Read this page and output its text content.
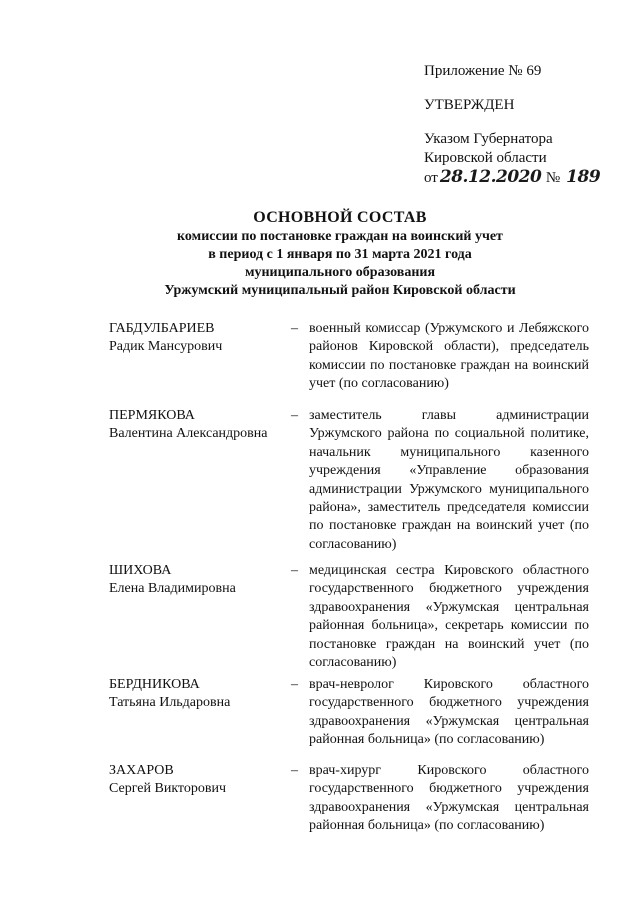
Приложение № 69
УТВЕРЖДЕН
Указом Губернатора
Кировской области
от 28.12.2020 № 189
ОСНОВНОЙ СОСТАВ
комиссии по постановке граждан на воинский учет
в период с 1 января по 31 марта 2021 года
муниципального образования
Уржумский муниципальный район Кировской области
ГАБДУЛБАРИЕВ
Радик Мансурович
– военный комиссар (Уржумского и Лебяжского районов Кировской области), председатель комиссии по постановке граждан на воинский учет (по согласованию)
ПЕРМЯКОВА
Валентина Александровна
– заместитель главы администрации Уржумского района по социальной политике, начальник муниципального казенного учреждения «Управление образования администрации Уржумского муниципального района», заместитель председателя комиссии по постановке граждан на воинский учет (по согласованию)
ШИХОВА
Елена Владимировна
– медицинская сестра Кировского областного государственного бюджетного учреждения здравоохранения «Уржумская центральная районная больница», секретарь комиссии по постановке граждан на воинский учет (по согласованию)
БЕРДНИКОВА
Татьяна Ильдаровна
– врач-невролог Кировского областного государственного бюджетного учреждения здравоохранения «Уржумская центральная районная больница» (по согласованию)
ЗАХАРОВ
Сергей Викторович
– врач-хирург Кировского областного государственного бюджетного учреждения здравоохранения «Уржумская центральная районная больница» (по согласованию)
